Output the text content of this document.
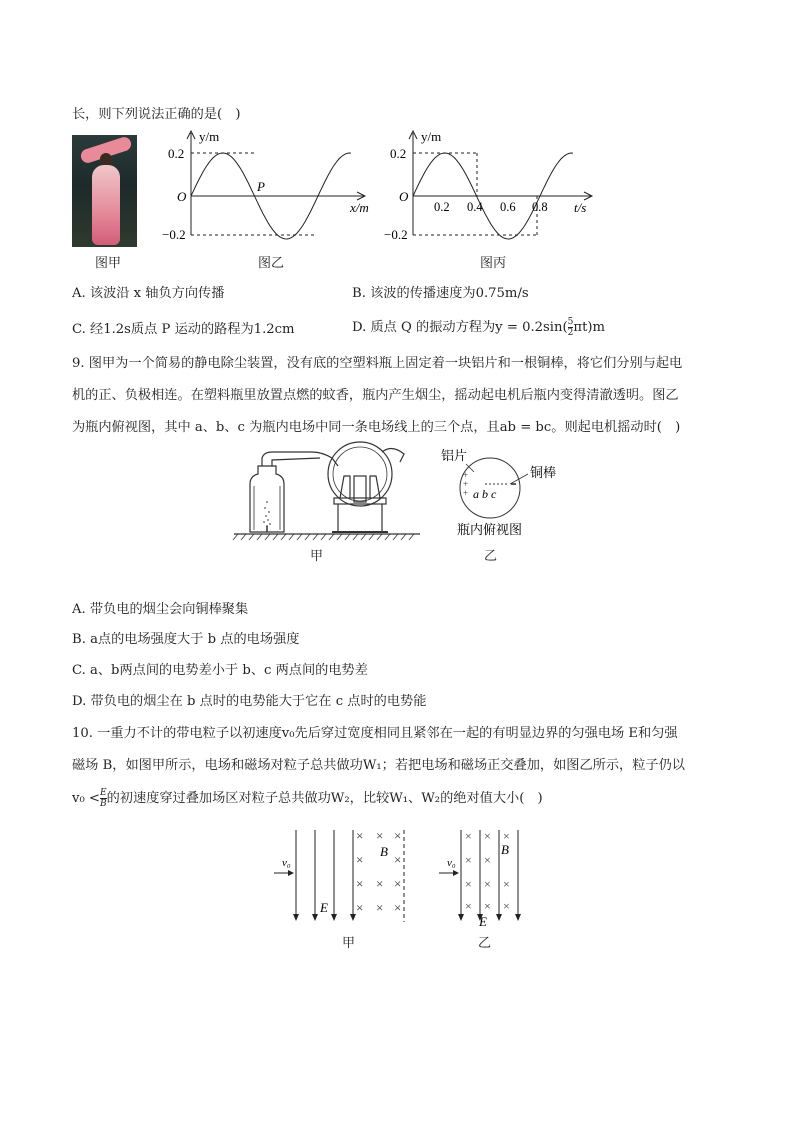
长，则下列说法正确的是(　)
图甲
y/m
0.2
−0.2
O
P
x/m
图乙
y/m
0.2
−0.2
O
0.2 0.4 0.6 0.8 t/s
图丙
A. 该波沿 x 轴负方向传播	B. 该波的传播速度为0.75m/s
C. 经1.2s质点 P 运动的路程为1.2cm	D. 质点 Q 的振动方程为$y = 0.2\sin( \frac{5}{2} \pi t)m$
9. 图甲为一个简易的静电除尘装置，没有底的空塑料瓶上固定着一块铝片和一根铜棒，将它们分别与起电
机的正、负极相连。在塑料瓶里放置点燃的蚊香，瓶内产生烟尘，摇动起电机后瓶内变得清澈透明。图乙
为瓶内俯视图，其中 a、b、c 为瓶内电场中同一条电场线上的三个点，且ab = bc。则起电机摇动时(　)
甲
+
+
+ a b c
铝片
铜棒
瓶内俯视图
乙
A. 带负电的烟尘会向铜棒聚集
B. a点的电场强度大于 b 点的电场强度
C. a、b两点间的电势差小于 b、c 两点间的电势差
D. 带负电的烟尘在 b 点时的电势能大于它在 c 点时的电势能
10. 一重力不计的带电粒子以初速度v₀先后穿过宽度相同且紧邻在一起的有明显边界的匀强电场 E和匀强
磁场 B，如图甲所示，电场和磁场对粒子总共做功W₁；若把电场和磁场正交叠加，如图乙所示，粒子仍以
$v_0 < \frac{E}{B}$ 的初速度穿过叠加场区对粒子总共做功W₂，比较W₁、W₂的绝对值大小(　)
× × ×
× ×
× × ×
× × ×
v₀
B
E
甲
× × ×
× ×
× × ×
× × ×
v₀
B
E
乙
